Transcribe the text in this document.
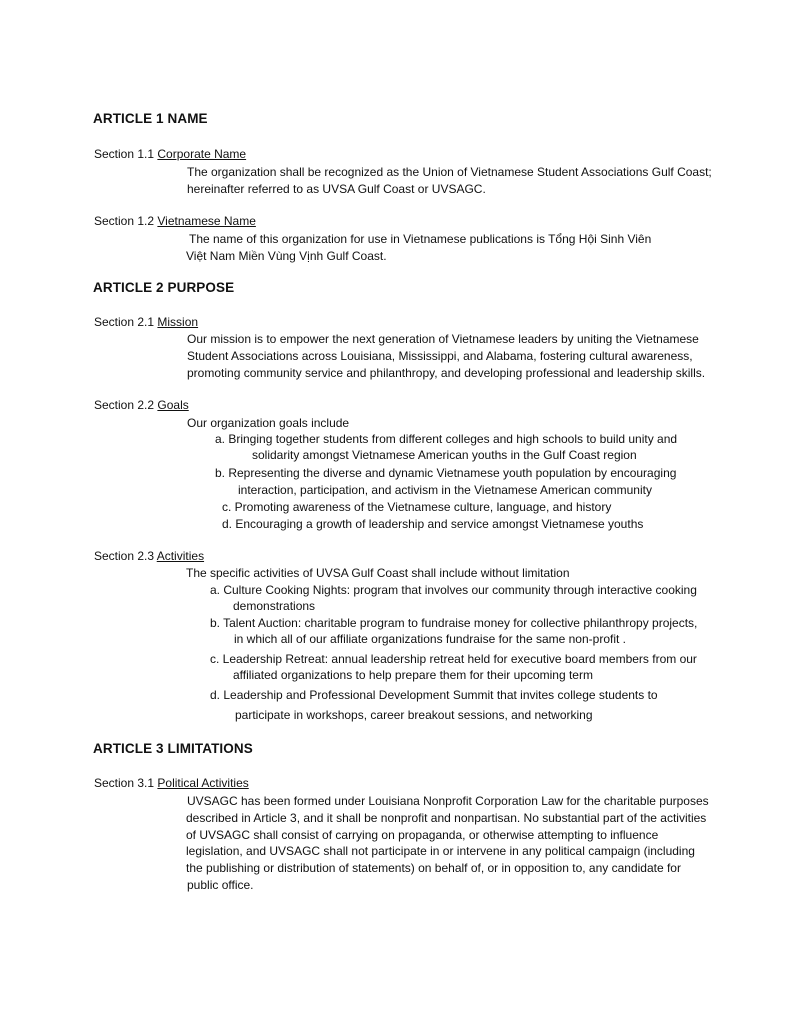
ARTICLE 1 NAME
Section 1.1 Corporate Name
The organization shall be recognized as the Union of Vietnamese Student Associations Gulf Coast;
hereinafter referred to as UVSA Gulf Coast or UVSAGC.
Section 1.2 Vietnamese Name
The name of this organization for use in Vietnamese publications is Tổng Hội Sinh Viên
Việt Nam Miền Vùng Vịnh Gulf Coast.
ARTICLE 2 PURPOSE
Section 2.1 Mission
Our mission is to empower the next generation of Vietnamese leaders by uniting the Vietnamese
Student Associations across Louisiana, Mississippi, and Alabama, fostering cultural awareness,
promoting community service and philanthropy, and developing professional and leadership skills.
Section 2.2 Goals
Our organization goals include
a. Bringing together students from different colleges and high schools to build unity and
solidarity amongst Vietnamese American youths in the Gulf Coast region
b. Representing the diverse and dynamic Vietnamese youth population by encouraging
interaction, participation, and activism in the Vietnamese American community
c. Promoting awareness of the Vietnamese culture, language, and history
d. Encouraging a growth of leadership and service amongst Vietnamese youths
Section 2.3 Activities
The specific activities of UVSA Gulf Coast shall include without limitation
a. Culture Cooking Nights: program that involves our community through interactive cooking
demonstrations
b. Talent Auction: charitable program to fundraise money for collective philanthropy projects,
in which all of our affiliate organizations fundraise for the same non-profit .
c. Leadership Retreat: annual leadership retreat held for executive board members from our
affiliated organizations to help prepare them for their upcoming term
d. Leadership and Professional Development Summit that invites college students to
participate in workshops, career breakout sessions, and networking
ARTICLE 3 LIMITATIONS
Section 3.1 Political Activities
UVSAGC has been formed under Louisiana Nonprofit Corporation Law for the charitable purposes
described in Article 3, and it shall be nonprofit and nonpartisan. No substantial part of the activities
of UVSAGC shall consist of carrying on propaganda, or otherwise attempting to influence
legislation, and UVSAGC shall not participate in or intervene in any political campaign (including
the publishing or distribution of statements) on behalf of, or in opposition to, any candidate for
public office.
